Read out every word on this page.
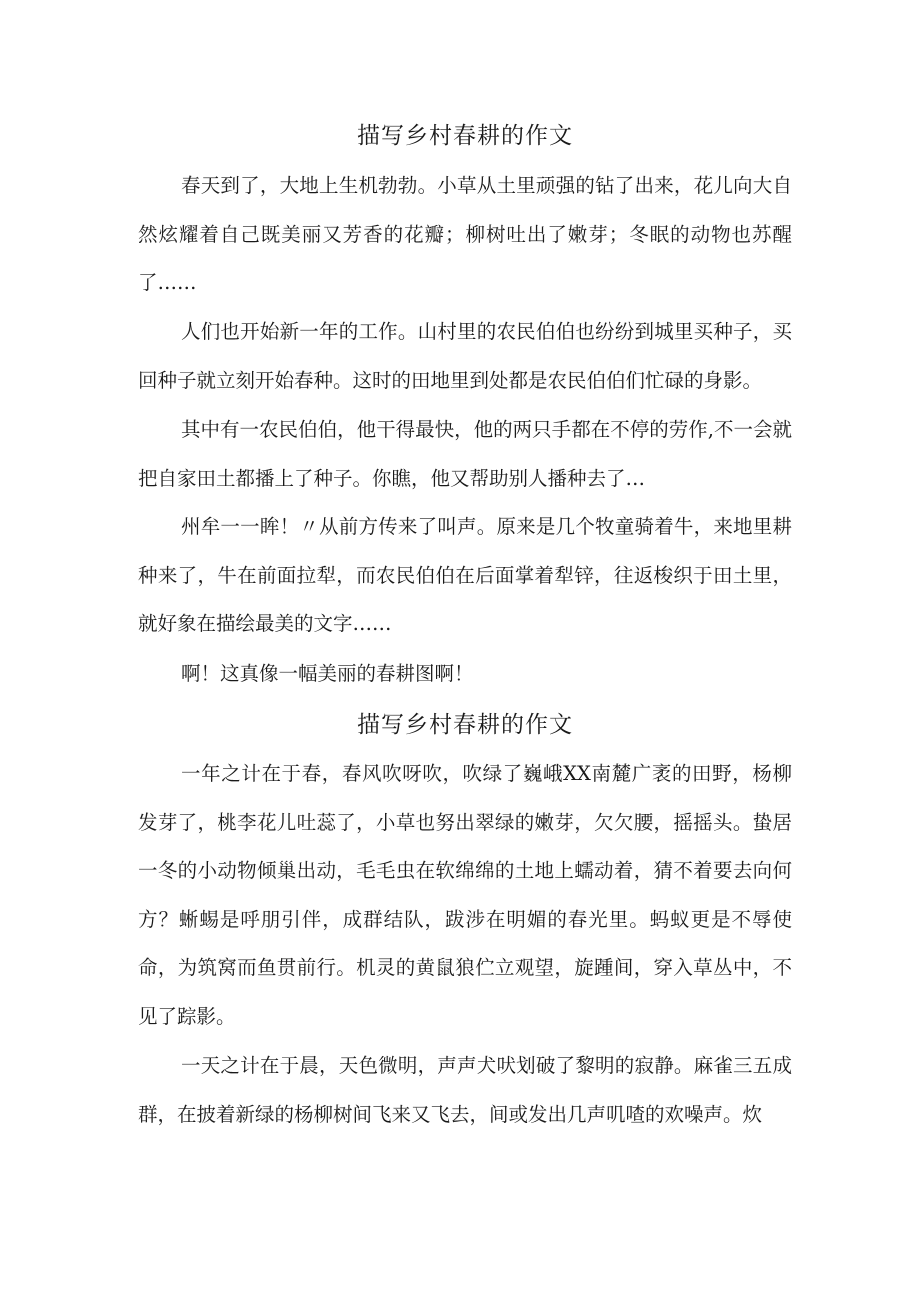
描写乡村春耕的作文

春天到了，大地上生机勃勃。小草从土里顽强的钻了出来，花儿向大自然炫耀着自己既美丽又芳香的花瓣；柳树吐出了嫩芽；冬眠的动物也苏醒了……

人们也开始新一年的工作。山村里的农民伯伯也纷纷到城里买种子，买回种子就立刻开始春种。这时的田地里到处都是农民伯伯们忙碌的身影。

其中有一农民伯伯，他干得最快，他的两只手都在不停的劳作,不一会就把自家田土都播上了种子。你瞧，他又帮助别人播种去了…

州牟一一眸！〃从前方传来了叫声。原来是几个牧童骑着牛，来地里耕种来了，牛在前面拉犁，而农民伯伯在后面掌着犁锌，往返梭织于田土里，就好象在描绘最美的文字……

啊！这真像一幅美丽的春耕图啊！

描写乡村春耕的作文

一年之计在于春，春风吹呀吹，吹绿了巍峨XX南麓广袤的田野，杨柳发芽了，桃李花儿吐蕊了，小草也努出翠绿的嫩芽，欠欠腰，摇摇头。蛰居一冬的小动物倾巢出动，毛毛虫在软绵绵的土地上蠕动着，猜不着要去向何方？蜥蜴是呼朋引伴，成群结队，跋涉在明媚的春光里。蚂蚁更是不辱使命，为筑窝而鱼贯前行。机灵的黄鼠狼伫立观望，旋踵间，穿入草丛中，不见了踪影。

一天之计在于晨，天色微明，声声犬吠划破了黎明的寂静。麻雀三五成群，在披着新绿的杨柳树间飞来又飞去，间或发出几声叽喳的欢噪声。炊
